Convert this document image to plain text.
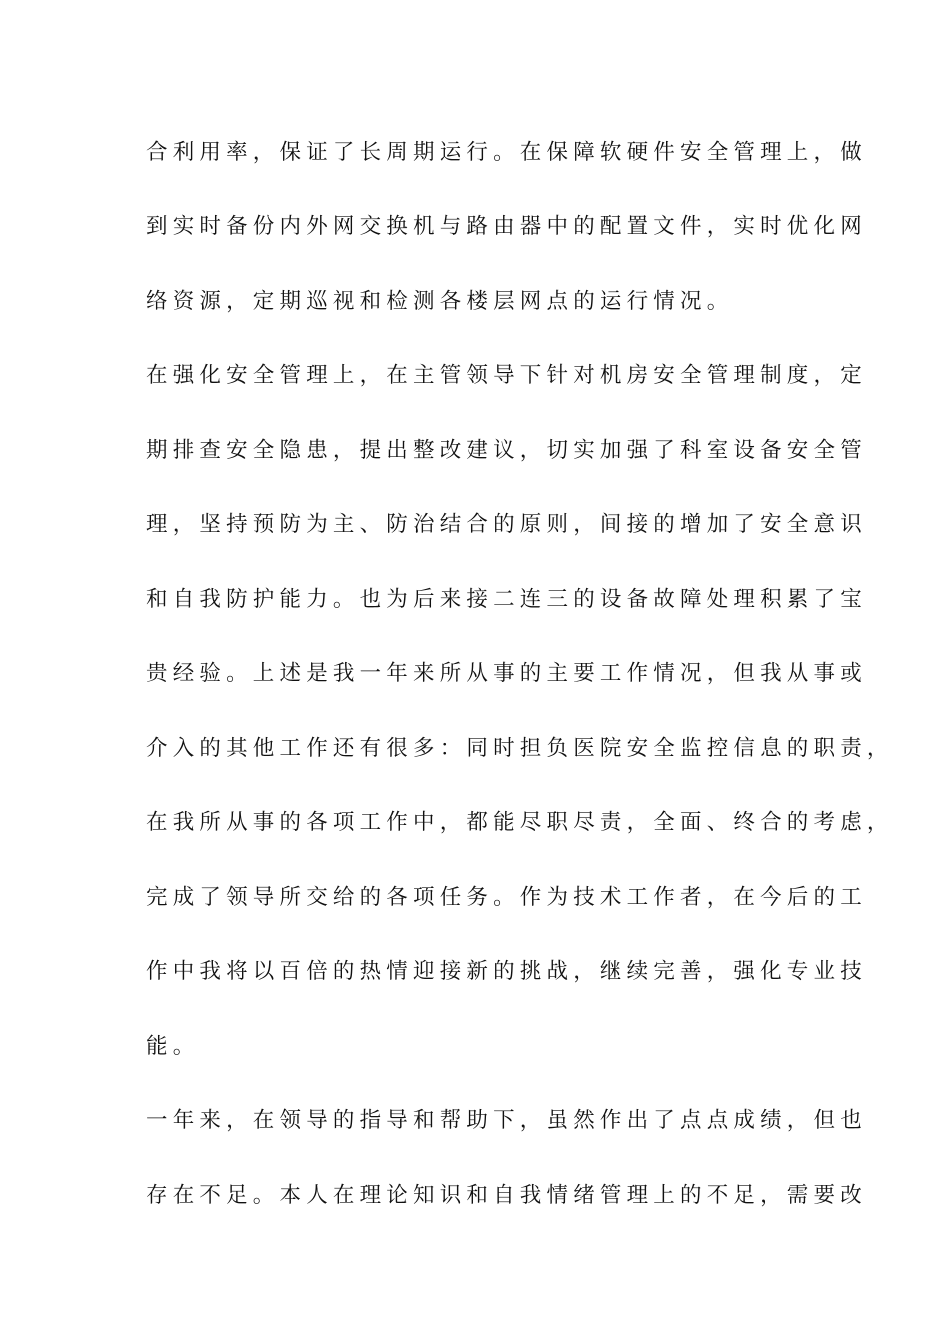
合利用率，保证了长周期运行。在保障软硬件安全管理上，做
到实时备份内外网交换机与路由器中的配置文件，实时优化网
络资源，定期巡视和检测各楼层网点的运行情况。
在强化安全管理上，在主管领导下针对机房安全管理制度，定
期排查安全隐患，提出整改建议，切实加强了科室设备安全管
理，坚持预防为主、防治结合的原则，间接的增加了安全意识
和自我防护能力。也为后来接二连三的设备故障处理积累了宝
贵经验。上述是我一年来所从事的主要工作情况，但我从事或
介入的其他工作还有很多：同时担负医院安全监控信息的职责，
在我所从事的各项工作中，都能尽职尽责，全面、终合的考虑，
完成了领导所交给的各项任务。作为技术工作者，在今后的工
作中我将以百倍的热情迎接新的挑战，继续完善，强化专业技
能。
一年来，在领导的指导和帮助下，虽然作出了点点成绩，但也
存在不足。本人在理论知识和自我情绪管理上的不足，需要改
